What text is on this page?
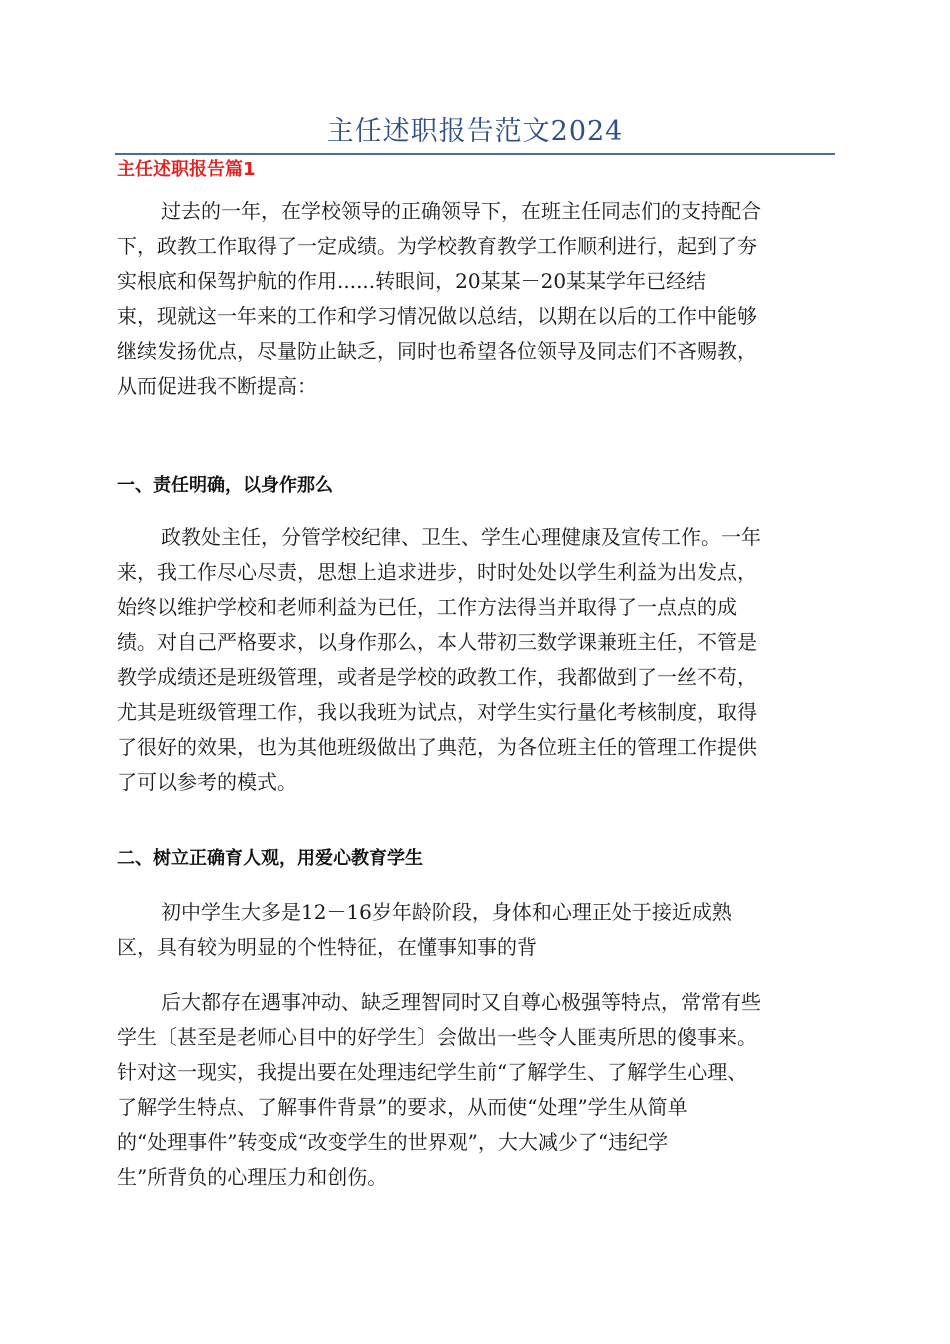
主任述职报告范文2024
主任述职报告篇1
过去的一年，在学校领导的正确领导下，在班主任同志们的支持配合
下，政教工作取得了一定成绩。为学校教育教学工作顺利进行，起到了夯
实根底和保驾护航的作用......转眼间，20某某－20某某学年已经结
束，现就这一年来的工作和学习情况做以总结，以期在以后的工作中能够
继续发扬优点，尽量防止缺乏，同时也希望各位领导及同志们不吝赐教，
从而促进我不断提高：
一、责任明确，以身作那么
政教处主任，分管学校纪律、卫生、学生心理健康及宣传工作。一年
来，我工作尽心尽责，思想上追求进步，时时处处以学生利益为出发点，
始终以维护学校和老师利益为已任，工作方法得当并取得了一点点的成
绩。对自己严格要求，以身作那么，本人带初三数学课兼班主任，不管是
教学成绩还是班级管理，或者是学校的政教工作，我都做到了一丝不苟，
尤其是班级管理工作，我以我班为试点，对学生实行量化考核制度，取得
了很好的效果，也为其他班级做出了典范，为各位班主任的管理工作提供
了可以参考的模式。
二、树立正确育人观，用爱心教育学生
初中学生大多是12－16岁年龄阶段，身体和心理正处于接近成熟
区，具有较为明显的个性特征，在懂事知事的背
后大都存在遇事冲动、缺乏理智同时又自尊心极强等特点，常常有些
学生〔甚至是老师心目中的好学生〕会做出一些令人匪夷所思的傻事来。
针对这一现实，我提出要在处理违纪学生前“了解学生、了解学生心理、
了解学生特点、了解事件背景”的要求，从而使“处理”学生从简单
的“处理事件”转变成“改变学生的世界观”，大大减少了“违纪学
生”所背负的心理压力和创伤。
